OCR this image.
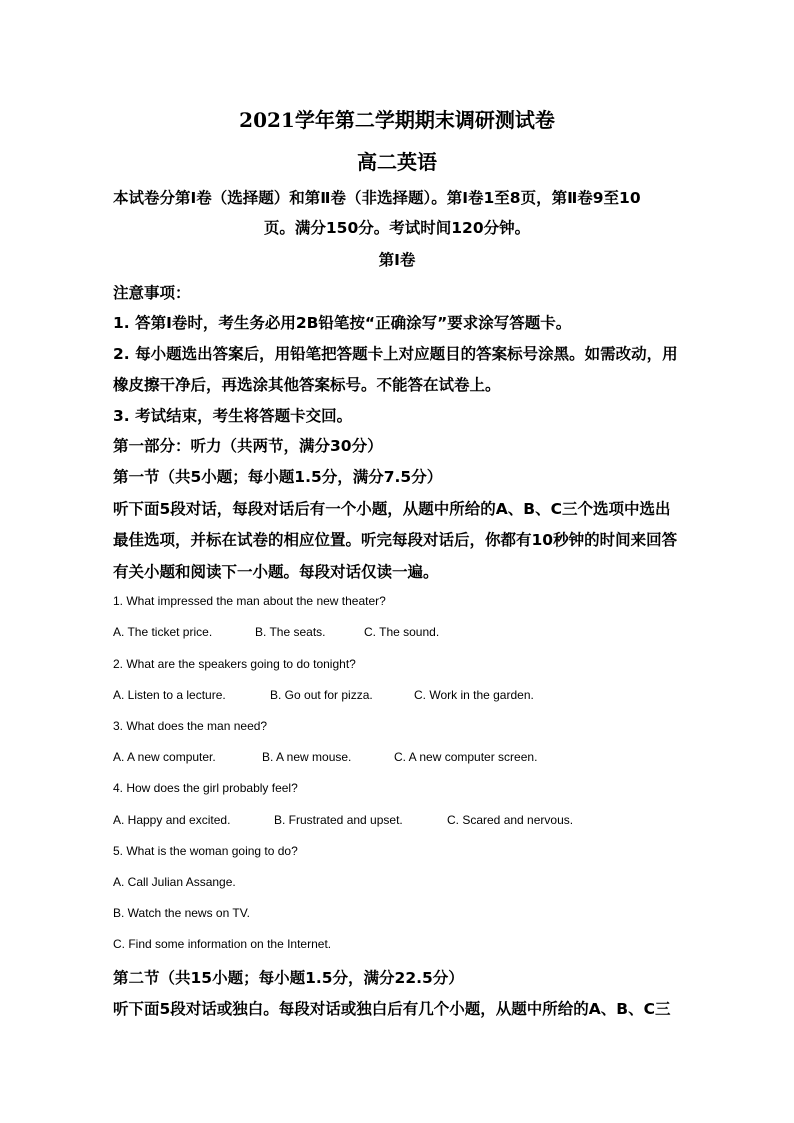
2021学年第二学期期末调研测试卷
高二英语
本试卷分第Ⅰ卷（选择题）和第Ⅱ卷（非选择题）。第Ⅰ卷1至8页，第Ⅱ卷9至10
页。满分150分。考试时间120分钟。
第Ⅰ卷
注意事项：
1. 答第Ⅰ卷时，考生务必用2B铅笔按“正确涂写”要求涂写答题卡。
2. 每小题选出答案后，用铅笔把答题卡上对应题目的答案标号涂黑。如需改动，用
橡皮擦干净后，再选涂其他答案标号。不能答在试卷上。
3. 考试结束，考生将答题卡交回。
第一部分：听力（共两节，满分30分）
第一节（共5小题；每小题1.5分，满分7.5分）
听下面5段对话，每段对话后有一个小题，从题中所给的A、B、C三个选项中选出
最佳选项，并标在试卷的相应位置。听完每段对话后，你都有10秒钟的时间来回答
有关小题和阅读下一小题。每段对话仅读一遍。
1. What impressed the man about the new theater?
A. The ticket price.	B. The seats.	C. The sound.
2. What are the speakers going to do tonight?
A. Listen to a lecture.	B. Go out for pizza.	C. Work in the garden.
3. What does the man need?
A. A new computer.	B. A new mouse.	C. A new computer screen.
4. How does the girl probably feel?
A. Happy and excited.	B. Frustrated and upset.	C. Scared and nervous.
5. What is the woman going to do?
A. Call Julian Assange.
B. Watch the news on TV.
C. Find some information on the Internet.
第二节（共15小题；每小题1.5分，满分22.5分）
听下面5段对话或独白。每段对话或独白后有几个小题，从题中所给的A、B、C三
